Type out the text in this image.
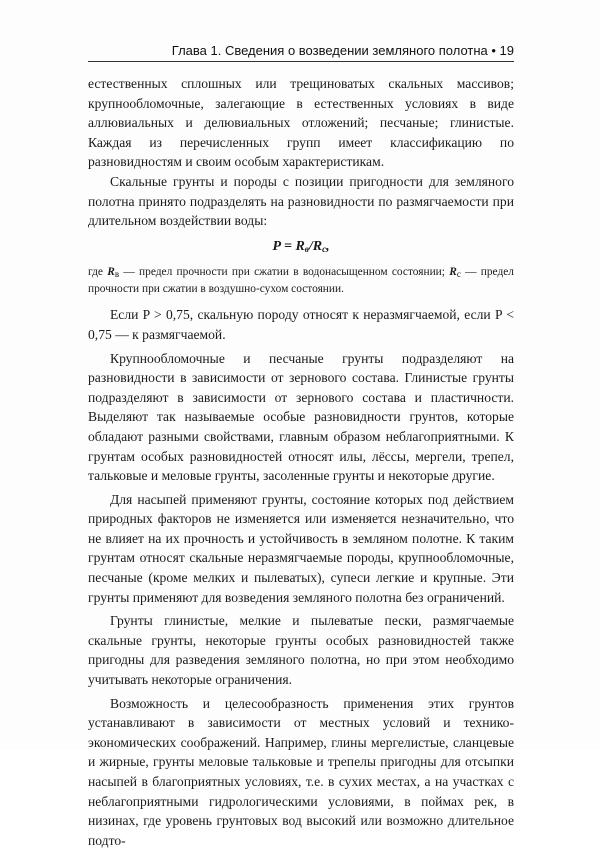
Глава 1. Сведения о возведении земляного полотна • 19

естественных сплошных или трещиноватых скальных массивов; крупнообломочные, залегающие в естественных условиях в виде аллювиальных и делювиальных отложений; песчаные; глинистые. Каждая из перечисленных групп имеет классификацию по разновидностям и своим особым характеристикам.

Скальные грунты и породы с позиции пригодности для земляного полотна принято подразделять на разновидности по размягчаемости при длительном воздействии воды:

$P = R_в/R_с$,

где $R_в$ — предел прочности при сжатии в водонасыщенном состоянии; $R_с$ — предел прочности при сжатии в воздушно-сухом состоянии.

Если P > 0,75, скальную породу относят к неразмягчаемой, если P < 0,75 — к размягчаемой.

Крупнообломочные и песчаные грунты подразделяют на разновидности в зависимости от зернового состава. Глинистые грунты подразделяют в зависимости от зернового состава и пластичности. Выделяют так называемые особые разновидности грунтов, которые обладают разными свойствами, главным образом неблагоприятными. К грунтам особых разновидностей относят илы, лёссы, мергели, трепел, тальковые и меловые грунты, засоленные грунты и некоторые другие.

Для насыпей применяют грунты, состояние которых под действием природных факторов не изменяется или изменяется незначительно, что не влияет на их прочность и устойчивость в земляном полотне. К таким грунтам относят скальные неразмягчаемые породы, крупнообломочные, песчаные (кроме мелких и пылеватых), супеси легкие и крупные. Эти грунты применяют для возведения земляного полотна без ограничений.

Грунты глинистые, мелкие и пылеватые пески, размягчаемые скальные грунты, некоторые грунты особых разновидностей также пригодны для разведения земляного полотна, но при этом необходимо учитывать некоторые ограничения.

Возможность и целесообразность применения этих грунтов устанавливают в зависимости от местных условий и технико-экономических соображений. Например, глины мергелистые, сланцевые и жирные, грунты меловые тальковые и трепелы пригодны для отсыпки насыпей в благоприятных условиях, т.е. в сухих местах, а на участках с неблагоприятными гидрологическими условиями, в поймах рек, в низинах, где уровень грунтовых вод высокий или возможно длительное подто-
